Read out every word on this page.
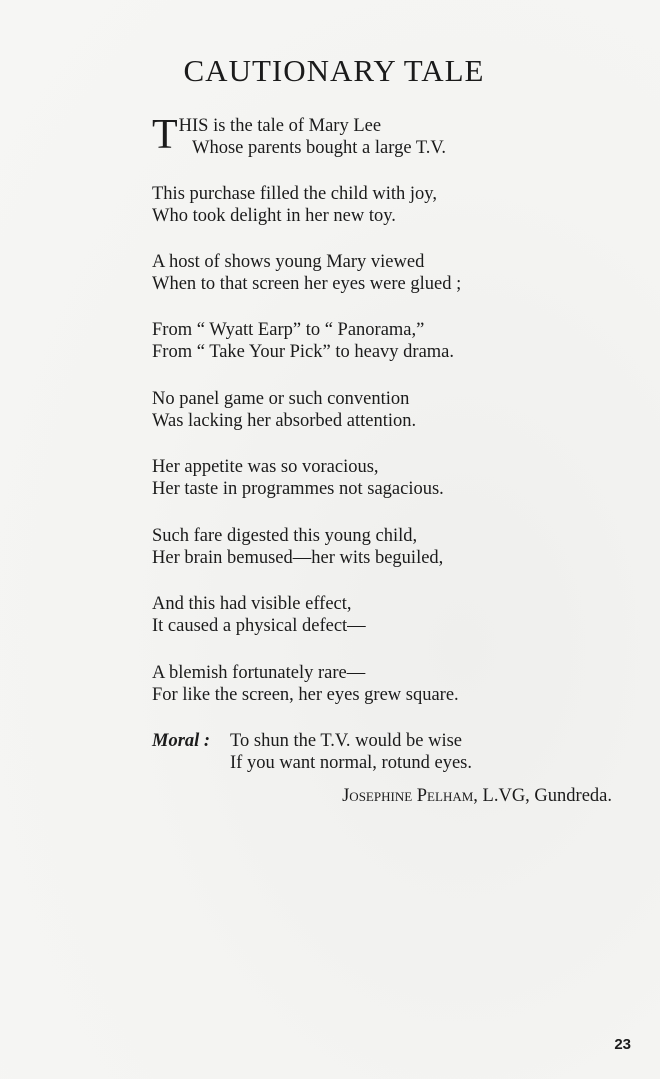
CAUTIONARY TALE
T HIS is the tale of Mary Lee
Whose parents bought a large T.V.
This purchase filled the child with joy,
Who took delight in her new toy.
A host of shows young Mary viewed
When to that screen her eyes were glued ;
From “ Wyatt Earp” to “ Panorama,”
From “ Take Your Pick” to heavy drama.
No panel game or such convention
Was lacking her absorbed attention.
Her appetite was so voracious,
Her taste in programmes not sagacious.
Such fare digested this young child,
Her brain bemused—her wits beguiled,
And this had visible effect,
It caused a physical defect—
A blemish fortunately rare—
For like the screen, her eyes grew square.
Moral : To shun the T.V. would be wise
If you want normal, rotund eyes.
Josephine Pelham, L.VG, Gundreda.
23
